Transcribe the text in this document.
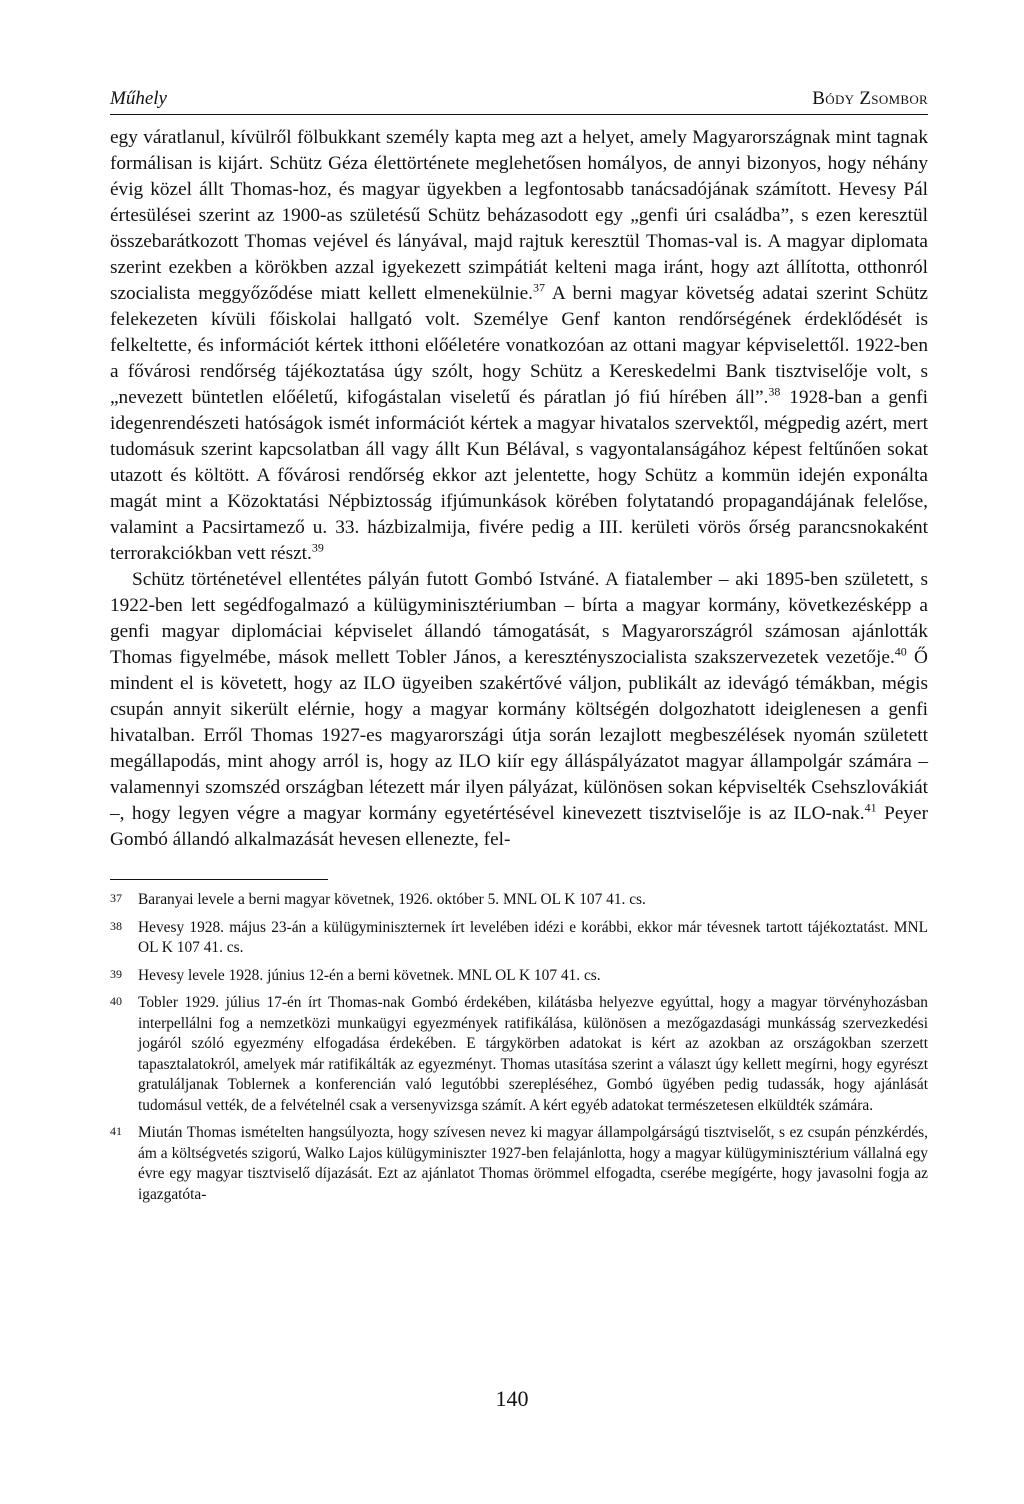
Műhely	Bódy Zsombor

egy váratlanul, kívülről fölbukkant személy kapta meg azt a helyet, amely Magyarországnak mint tagnak formálisan is kijárt. Schütz Géza élettörténete meglehetősen homályos, de annyi bizonyos, hogy néhány évig közel állt Thomas-hoz, és magyar ügyekben a legfontosabb tanácsadójának számított. Hevesy Pál értesülései szerint az 1900-as születésű Schütz beházasodott egy „genfi úri családba”, s ezen keresztül összebarátkozott Thomas vejével és lányával, majd rajtuk keresztül Thomas-val is. A magyar diplomata szerint ezekben a körökben azzal igyekezett szimpátiát kelteni maga iránt, hogy azt állította, otthonról szocialista meggyőződése miatt kellett elmenekülnie.$^{37}$ A berni magyar követség adatai szerint Schütz felekezeten kívüli főiskolai hallgató volt. Személye Genf kanton rendőrségének érdeklődését is felkeltette, és információt kértek itthoni előéletére vonatkozóan az ottani magyar képviselettől. 1922-ben a fővárosi rendőrség tájékoztatása úgy szólt, hogy Schütz a Kereskedelmi Bank tisztviselője volt, s „nevezett büntetlen előéletű, kifogástalan viseletű és páratlan jó fiú hírében áll”.$^{38}$ 1928-ban a genfi idegenrendészeti hatóságok ismét információt kértek a magyar hivatalos szervektől, mégpedig azért, mert tudomásuk szerint kapcsolatban áll vagy állt Kun Bélával, s vagyontalanságához képest feltűnően sokat utazott és költött. A fővárosi rendőrség ekkor azt jelentette, hogy Schütz a kommün idején exponálta magát mint a Közoktatási Népbiztosság ifjúmunkások körében folytatandó propagandájának felelőse, valamint a Pacsirtamező u. 33. házbizalmija, fivére pedig a III. kerületi vörös őrség parancsnokaként terrorakciókban vett részt.$^{39}$

Schütz történetével ellentétes pályán futott Gombó Istváné. A fiatalember – aki 1895-ben született, s 1922-ben lett segédfogalmazó a külügyminisztériumban – bírta a magyar kormány, következésképp a genfi magyar diplomáciai képviselet állandó támogatását, s Magyarországról számosan ajánlották Thomas figyelmébe, mások mellett Tobler János, a keresztényszocialista szakszervezetek vezetője.$^{40}$ Ő mindent el is követett, hogy az ILO ügyeiben szakértővé váljon, publikált az idevágó témákban, mégis csupán annyit sikerült elérnie, hogy a magyar kormány költségén dolgozhatott ideiglenesen a genfi hivatalban. Erről Thomas 1927-es magyarországi útja során lezajlott megbeszélések nyomán született megállapodás, mint ahogy arról is, hogy az ILO kiír egy álláspályázatot magyar állampolgár számára – valamennyi szomszéd országban létezett már ilyen pályázat, különösen sokan képviselték Csehszlovákiát –, hogy legyen végre a magyar kormány egyetértésével kinevezett tisztviselője is az ILO-nak.$^{41}$ Peyer Gombó állandó alkalmazását hevesen ellenezte, fel-

37	Baranyai levele a berni magyar követnek, 1926. október 5. MNL OL K 107 41. cs.
38	Hevesy 1928. május 23-án a külügyminiszternek írt levelében idézi e korábbi, ekkor már tévesnek tartott tájékoztatást. MNL OL K 107 41. cs.
39	Hevesy levele 1928. június 12-én a berni követnek. MNL OL K 107 41. cs.
40	Tobler 1929. július 17-én írt Thomas-nak Gombó érdekében, kilátásba helyezve egyúttal, hogy a magyar törvényhozásban interpellálni fog a nemzetközi munkaügyi egyezmények ratifikálása, különösen a mezőgazdasági munkásság szervezkedési jogáról szóló egyezmény elfogadása érdekében. E tárgykörben adatokat is kért az azokban az országokban szerzett tapasztalatokról, amelyek már ratifikálták az egyezményt. Thomas utasítása szerint a választ úgy kellett megírni, hogy egyrészt gratuláljanak Toblernek a konferencián való legutóbbi szerepléséhez, Gombó ügyében pedig tudassák, hogy ajánlását tudomásul vették, de a felvételnél csak a versenyvizsga számít. A kért egyéb adatokat természetesen elküldték számára.
41	Miután Thomas ismételten hangsúlyozta, hogy szívesen nevez ki magyar állampolgárságú tisztviselőt, s ez csupán pénzkérdés, ám a költségvetés szigorú, Walko Lajos külügyminiszter 1927-ben felajánlotta, hogy a magyar külügyminisztérium vállalná egy évre egy magyar tisztviselő díjazását. Ezt az ajánlatot Thomas örömmel elfogadta, cserébe megígérte, hogy javasolni fogja az igazgatóta-
140
